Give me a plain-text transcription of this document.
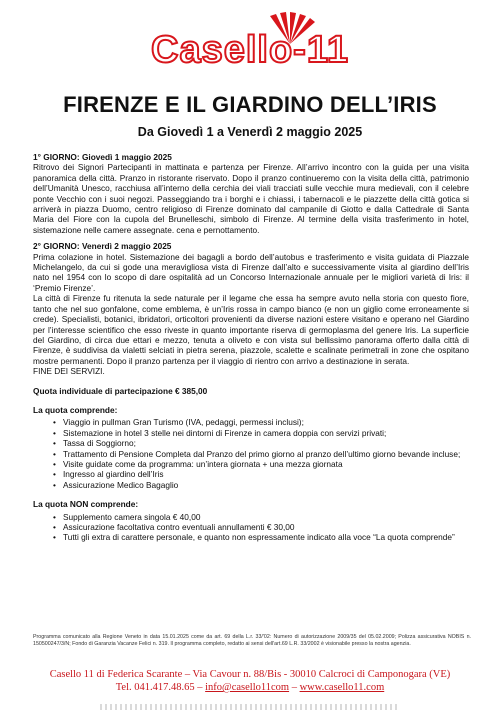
Casello-11
FIRENZE E IL GIARDINO DELL’IRIS
Da Giovedì 1 a Venerdì 2 maggio 2025

1° GIORNO: Giovedì 1 maggio 2025

Ritrovo dei Signori Partecipanti in mattinata e partenza per Firenze. All’arrivo incontro con la guida per una visita panoramica della città. Pranzo in ristorante riservato. Dopo il pranzo continueremo con la visita della città, patrimonio dell’Umanità Unesco, racchiusa all’interno della cerchia dei viali tracciati sulle vecchie mura medievali, con il celebre ponte Vecchio con i suoi negozi. Passeggiando tra i borghi e i chiassi, i tabernacoli e le piazzette della città gotica si arriverà in piazza Duomo, centro religioso di Firenze dominato dal campanile di Giotto e dalla Cattedrale di Santa Maria del Fiore con la cupola del Brunelleschi, simbolo di Firenze. Al termine della visita trasferimento in hotel, sistemazione nelle camere assegnate. cena e pernottamento.

2° GIORNO: Venerdì 2 maggio 2025

Prima colazione in hotel. Sistemazione dei bagagli a bordo dell’autobus e trasferimento e visita guidata di Piazzale Michelangelo, da cui si gode una meravigliosa vista di Firenze dall’alto e successivamente visita al giardino dell’Iris nato nel 1954 con lo scopo di dare ospitalità ad un Concorso Internazionale annuale per le migliori varietà di Iris: il ‘Premio Firenze’.

La città di Firenze fu ritenuta la sede naturale per il legame che essa ha sempre avuto nella storia con questo fiore, tanto che nel suo gonfalone, come emblema, è un’Iris rossa in campo bianco (e non un giglio come erroneamente si crede). Specialisti, botanici, ibridatori, orticoltori provenienti da diverse nazioni estere visitano e operano nel Giardino per l’interesse scientifico che esso riveste in quanto importante riserva di germoplasma del genere Iris. La superficie del Giardino, di circa due ettari e mezzo, tenuta a oliveto e con vista sul bellissimo panorama offerto dalla città di Firenze, è suddivisa da vialetti selciati in pietra serena, piazzole, scalette e scalinate perimetrali in zone che ospitano mostre permanenti. Dopo il pranzo partenza per il viaggio di rientro con arrivo a destinazione in serata.

FINE DEI SERVIZI.

Quota individuale di partecipazione € 385,00

La quota comprende:

• Viaggio in pullman Gran Turismo (IVA, pedaggi, permessi inclusi);
• Sistemazione in hotel 3 stelle nei dintorni di Firenze in camera doppia con servizi privati;
• Tassa di Soggiorno;
• Trattamento di Pensione Completa dal Pranzo del primo giorno al pranzo dell’ultimo giorno bevande incluse;
• Visite guidate come da programma: un’intera giornata + una mezza giornata
• Ingresso al giardino dell’Iris
• Assicurazione Medico Bagaglio

La quota NON comprende:

• Supplemento camera singola € 40,00
• Assicurazione facoltativa contro eventuali annullamenti € 30,00
• Tutti gli extra di carattere personale, e quanto non espressamente indicato alla voce “La quota comprende”
Programma comunicato alla Regione Veneto in data 15.01.2025 come da art. 69 della L.r. 33/'02: Numero di autorizzazione 2009/35 del 05.02.2009; Polizza assicurativa NOBIS n. 150500247/3/N; Fondo di Garanzia Vacanze Felici n. 319. Il programma completo, redatto ai sensi dell'art.69 L.R. 33/2002 è visionabile presso la nostra agenzia.
Casello 11 di Federica Scarante – Via Cavour n. 88/Bis - 30010 Calcroci di Camponogara (VE)
Tel. 041.417.48.65 – info@casello11com – www.casello11.com
